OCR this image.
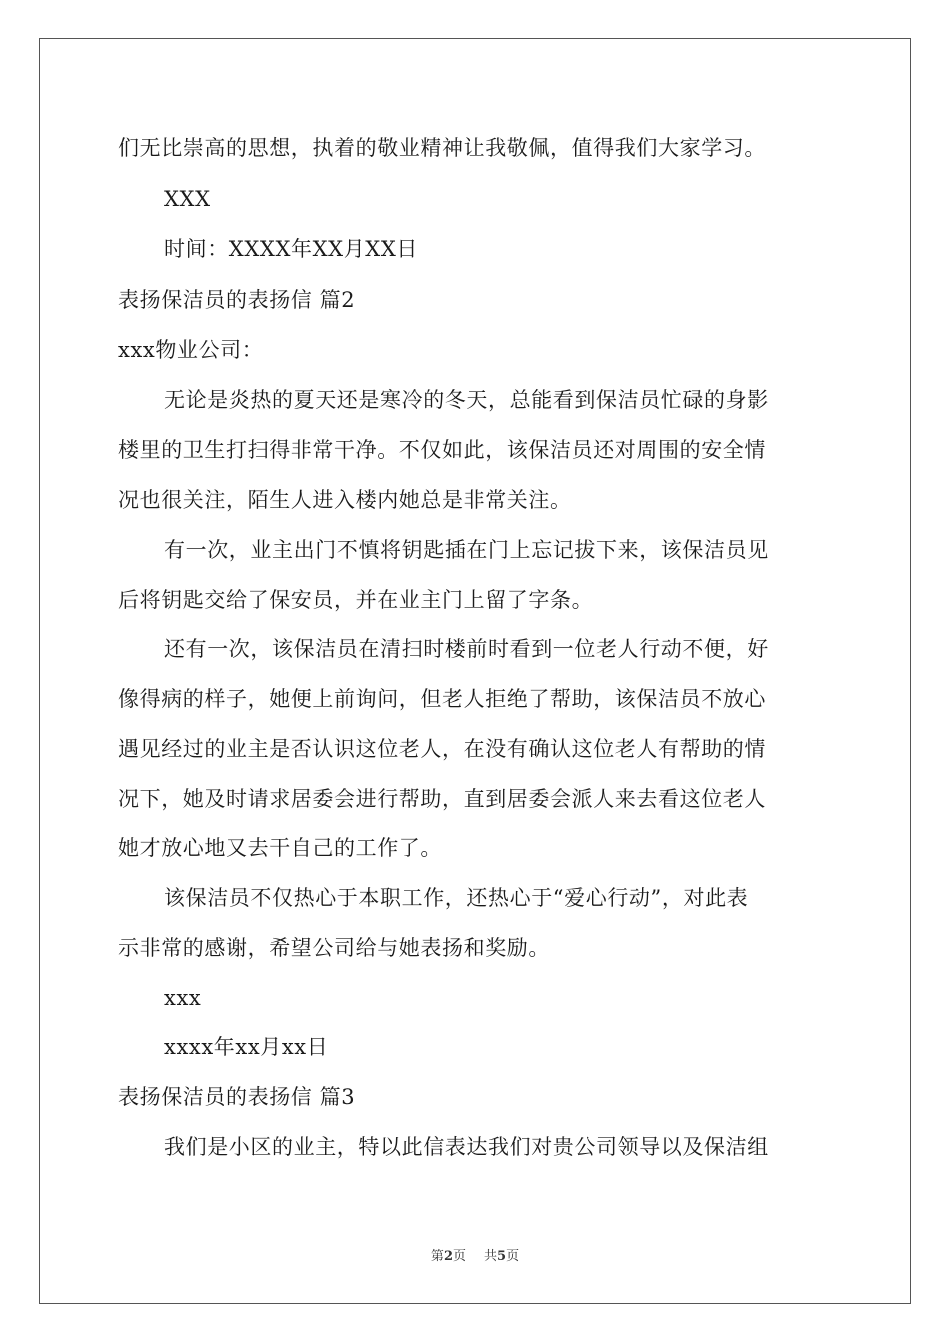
们无比崇高的思想，执着的敬业精神让我敬佩，值得我们大家学习。
XXX
时间：XXXX年XX月XX日
表扬保洁员的表扬信 篇2
xxx物业公司：
无论是炎热的夏天还是寒冷的冬天，总能看到保洁员忙碌的身影
楼里的卫生打扫得非常干净。不仅如此，该保洁员还对周围的安全情
况也很关注，陌生人进入楼内她总是非常关注。
有一次，业主出门不慎将钥匙插在门上忘记拔下来，该保洁员见
后将钥匙交给了保安员，并在业主门上留了字条。
还有一次，该保洁员在清扫时楼前时看到一位老人行动不便，好
像得病的样子，她便上前询问，但老人拒绝了帮助，该保洁员不放心
遇见经过的业主是否认识这位老人，在没有确认这位老人有帮助的情
况下，她及时请求居委会进行帮助，直到居委会派人来去看这位老人
她才放心地又去干自己的工作了。
该保洁员不仅热心于本职工作，还热心于“爱心行动”，对此表
示非常的感谢，希望公司给与她表扬和奖励。
xxx
xxxx年xx月xx日
表扬保洁员的表扬信 篇3
我们是小区的业主，特以此信表达我们对贵公司领导以及保洁组
第2页 共5页
